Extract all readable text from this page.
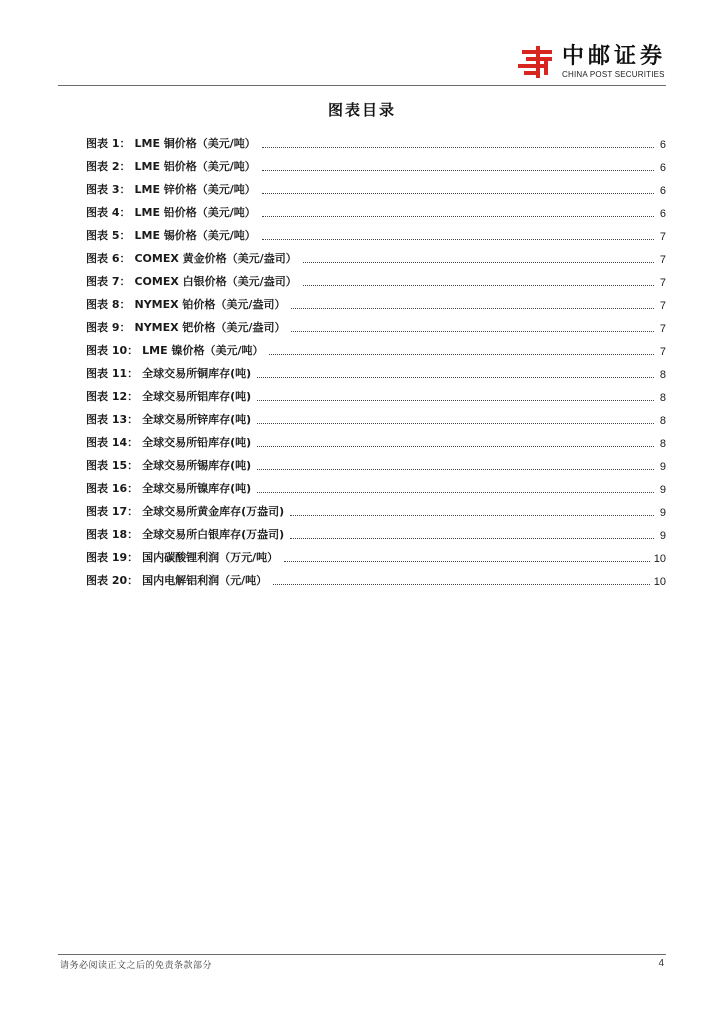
中邮证券
CHINA POST SECURITIES
图表目录
图表 1： LME 铜价格（美元/吨）	6
图表 2： LME 铝价格（美元/吨）	6
图表 3： LME 锌价格（美元/吨）	6
图表 4： LME 铅价格（美元/吨）	6
图表 5： LME 锡价格（美元/吨）	7
图表 6： COMEX 黄金价格（美元/盎司）	7
图表 7： COMEX 白银价格（美元/盎司）	7
图表 8： NYMEX 铂价格（美元/盎司）	7
图表 9： NYMEX 钯价格（美元/盎司）	7
图表 10： LME 镍价格（美元/吨）	7
图表 11： 全球交易所铜库存(吨)	8
图表 12： 全球交易所铝库存(吨)	8
图表 13： 全球交易所锌库存(吨)	8
图表 14： 全球交易所铅库存(吨)	8
图表 15： 全球交易所锡库存(吨)	9
图表 16： 全球交易所镍库存(吨)	9
图表 17： 全球交易所黄金库存(万盎司)	9
图表 18： 全球交易所白银库存(万盎司)	9
图表 19： 国内碳酸锂利润（万元/吨）	10
图表 20： 国内电解铝利润（元/吨）	10
请务必阅读正文之后的免责条款部分	4
